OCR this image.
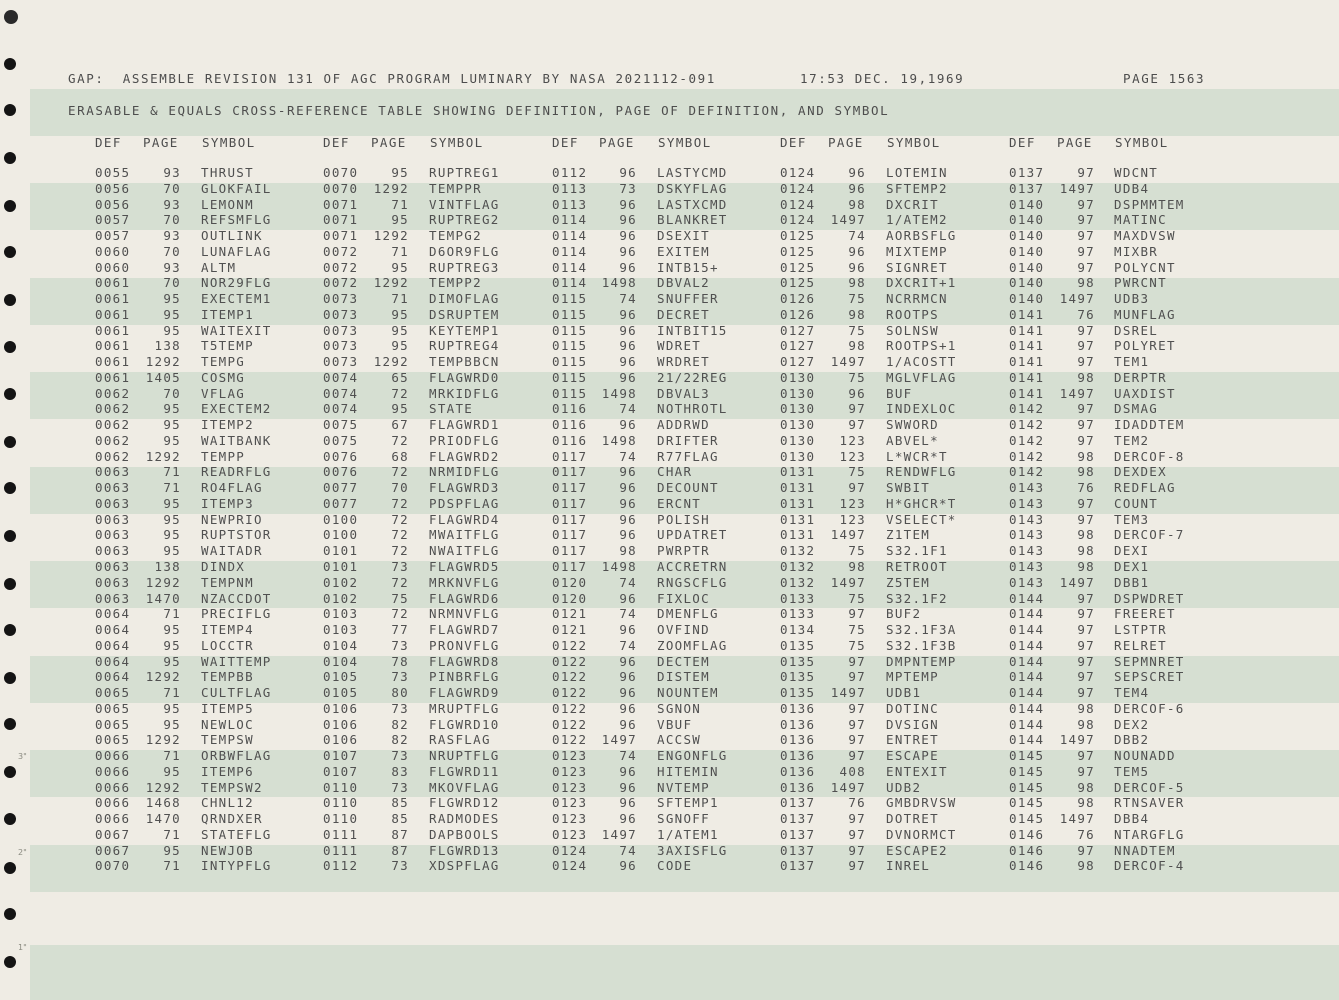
3"
2"
1"
GAP:  ASSEMBLE REVISION 131 OF AGC PROGRAM LUMINARY BY NASA 2021112-091	17:53 DEC. 19,1969	PAGE 1563
ERASABLE & EQUALS CROSS-REFERENCE TABLE SHOWING DEFINITION, PAGE OF DEFINITION, AND SYMBOL
DEF PAGE SYMBOL	DEF PAGE SYMBOL	DEF PAGE SYMBOL	DEF PAGE SYMBOL	DEF PAGE SYMBOL
0055	93 THRUST	0070	95 RUPTREG1	0112	96 LASTYCMD	0124	96 LOTEMIN	0137	97 WDCNT
0056	70 GLOKFAIL	0070	1292 TEMPPR	0113	73 DSKYFLAG	0124	96 SFTEMP2	0137	1497 UDB4
0056	93 LEMONM	0071	71 VINTFLAG	0113	96 LASTXCMD	0124	98 DXCRIT	0140	97 DSPMMTEM
0057	70 REFSMFLG	0071	95 RUPTREG2	0114	96 BLANKRET	0124	1497 1/ATEM2	0140	97 MATINC
0057	93 OUTLINK	0071	1292 TEMPG2	0114	96 DSEXIT	0125	74 AORBSFLG	0140	97 MAXDVSW
0060	70 LUNAFLAG	0072	71 D6OR9FLG	0114	96 EXITEM	0125	96 MIXTEMP	0140	97 MIXBR
0060	93 ALTM	0072	95 RUPTREG3	0114	96 INTB15+	0125	96 SIGNRET	0140	97 POLYCNT
0061	70 NOR29FLG	0072	1292 TEMPP2	0114	1498 DBVAL2	0125	98 DXCRIT+1	0140	98 PWRCNT
0061	95 EXECTEM1	0073	71 DIMOFLAG	0115	74 SNUFFER	0126	75 NCRRMCN	0140	1497 UDB3
0061	95 ITEMP1	0073	95 DSRUPTEM	0115	96 DECRET	0126	98 ROOTPS	0141	76 MUNFLAG
0061	95 WAITEXIT	0073	95 KEYTEMP1	0115	96 INTBIT15	0127	75 SOLNSW	0141	97 DSREL
0061	138 T5TEMP	0073	95 RUPTREG4	0115	96 WDRET	0127	98 ROOTPS+1	0141	97 POLYRET
0061	1292 TEMPG	0073	1292 TEMPBBCN	0115	96 WRDRET	0127	1497 1/ACOSTT	0141	97 TEM1
0061	1405 COSMG	0074	65 FLAGWRD0	0115	96 21/22REG	0130	75 MGLVFLAG	0141	98 DERPTR
0062	70 VFLAG	0074	72 MRKIDFLG	0115	1498 DBVAL3	0130	96 BUF	0141	1497 UAXDIST
0062	95 EXECTEM2	0074	95 STATE	0116	74 NOTHROTL	0130	97 INDEXLOC	0142	97 DSMAG
0062	95 ITEMP2	0075	67 FLAGWRD1	0116	96 ADDRWD	0130	97 SWWORD	0142	97 IDADDTEM
0062	95 WAITBANK	0075	72 PRIODFLG	0116	1498 DRIFTER	0130	123 ABVEL*	0142	97 TEM2
0062	1292 TEMPP	0076	68 FLAGWRD2	0117	74 R77FLAG	0130	123 L*WCR*T	0142	98 DERCOF-8
0063	71 READRFLG	0076	72 NRMIDFLG	0117	96 CHAR	0131	75 RENDWFLG	0142	98 DEXDEX
0063	71 RO4FLAG	0077	70 FLAGWRD3	0117	96 DECOUNT	0131	97 SWBIT	0143	76 REDFLAG
0063	95 ITEMP3	0077	72 PDSPFLAG	0117	96 ERCNT	0131	123 H*GHCR*T	0143	97 COUNT
0063	95 NEWPRIO	0100	72 FLAGWRD4	0117	96 POLISH	0131	123 VSELECT*	0143	97 TEM3
0063	95 RUPTSTOR	0100	72 MWAITFLG	0117	96 UPDATRET	0131	1497 Z1TEM	0143	98 DERCOF-7
0063	95 WAITADR	0101	72 NWAITFLG	0117	98 PWRPTR	0132	75 S32.1F1	0143	98 DEXI
0063	138 DINDX	0101	73 FLAGWRD5	0117	1498 ACCRETRN	0132	98 RETROOT	0143	98 DEX1
0063	1292 TEMPNM	0102	72 MRKNVFLG	0120	74 RNGSCFLG	0132	1497 Z5TEM	0143	1497 DBB1
0063	1470 NZACCDOT	0102	75 FLAGWRD6	0120	96 FIXLOC	0133	75 S32.1F2	0144	97 DSPWDRET
0064	71 PRECIFLG	0103	72 NRMNVFLG	0121	74 DMENFLG	0133	97 BUF2	0144	97 FREERET
0064	95 ITEMP4	0103	77 FLAGWRD7	0121	96 OVFIND	0134	75 S32.1F3A	0144	97 LSTPTR
0064	95 LOCCTR	0104	73 PRONVFLG	0122	74 ZOOMFLAG	0135	75 S32.1F3B	0144	97 RELRET
0064	95 WAITTEMP	0104	78 FLAGWRD8	0122	96 DECTEM	0135	97 DMPNTEMP	0144	97 SEPMNRET
0064	1292 TEMPBB	0105	73 PINBRFLG	0122	96 DISTEM	0135	97 MPTEMP	0144	97 SEPSCRET
0065	71 CULTFLAG	0105	80 FLAGWRD9	0122	96 NOUNTEM	0135	1497 UDB1	0144	97 TEM4
0065	95 ITEMP5	0106	73 MRUPTFLG	0122	96 SGNON	0136	97 DOTINC	0144	98 DERCOF-6
0065	95 NEWLOC	0106	82 FLGWRD10	0122	96 VBUF	0136	97 DVSIGN	0144	98 DEX2
0065	1292 TEMPSW	0106	82 RASFLAG	0122	1497 ACCSW	0136	97 ENTRET	0144	1497 DBB2
0066	71 ORBWFLAG	0107	73 NRUPTFLG	0123	74 ENGONFLG	0136	97 ESCAPE	0145	97 NOUNADD
0066	95 ITEMP6	0107	83 FLGWRD11	0123	96 HITEMIN	0136	408 ENTEXIT	0145	97 TEM5
0066	1292 TEMPSW2	0110	73 MKOVFLAG	0123	96 NVTEMP	0136	1497 UDB2	0145	98 DERCOF-5
0066	1468 CHNL12	0110	85 FLGWRD12	0123	96 SFTEMP1	0137	76 GMBDRVSW	0145	98 RTNSAVER
0066	1470 QRNDXER	0110	85 RADMODES	0123	96 SGNOFF	0137	97 DOTRET	0145	1497 DBB4
0067	71 STATEFLG	0111	87 DAPBOOLS	0123	1497 1/ATEM1	0137	97 DVNORMCT	0146	76 NTARGFLG
0067	95 NEWJOB	0111	87 FLGWRD13	0124	74 3AXISFLG	0137	97 ESCAPE2	0146	97 NNADTEM
0070	71 INTYPFLG	0112	73 XDSPFLAG	0124	96 CODE	0137	97 INREL	0146	98 DERCOF-4
